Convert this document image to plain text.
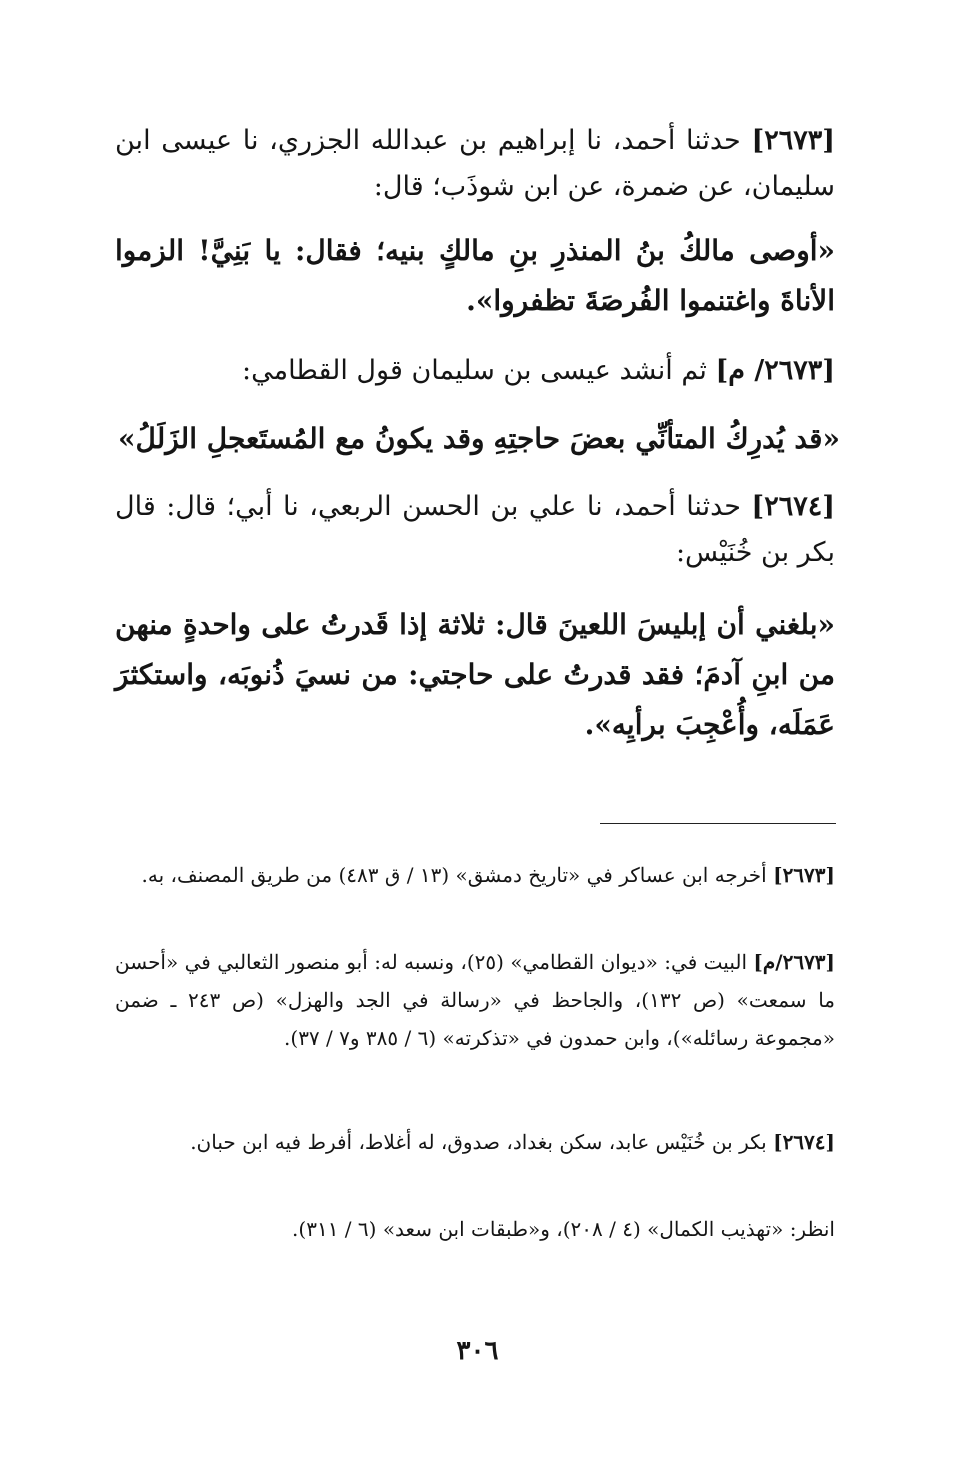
[٢٦٧٣] حدثنا أحمد، نا إبراهيم بن عبدالله الجزري، نا عيسى ابن سليمان، عن ضمرة، عن ابن شوذَب؛ قال:

«أوصى مالكُ بنُ المنذرِ بنِ مالكٍ بنيه؛ فقال: يا بَنِيَّ! الزموا الأناةَ واغتنموا الفُرصَةَ تظفروا».

[٢٦٧٣/ م] ثم أنشد عيسى بن سليمان قول القطامي:

«قد يُدرِكُ المتأنِّي بعضَ حاجتِهِ
وقد يكونُ مع المُستَعجلِ الزَلَلُ»

[٢٦٧٤] حدثنا أحمد، نا علي بن الحسن الربعي، نا أبي؛ قال: قال بكر بن خُنَيْس:

«بلغني أن إبليسَ اللعينَ قال: ثلاثة إذا قَدرتُ على واحدةٍ منهن من ابنِ آدمَ؛ فقد قدرتُ على حاجتي: من نسيَ ذُنوبَه، واستكثرَ عَمَلَه، وأُعْجِبَ برأيِه».

[٢٦٧٣] أخرجه ابن عساكر في «تاريخ دمشق» (١٣ / ق ٤٨٣) من طريق المصنف، به.

[٢٦٧٣/م] البيت في: «ديوان القطامي» (٢٥)، ونسبه له: أبو منصور الثعالبي في «أحسن ما سمعت» (ص ١٣٢)، والجاحظ في «رسالة في الجد والهزل» (ص ٢٤٣ ـ ضمن «مجموعة رسائله»)، وابن حمدون في «تذكرته» (٦ / ٣٨٥ و٧ / ٣٧).

[٢٦٧٤] بكر بن خُنَيْس عابد، سكن بغداد، صدوق، له أغلاط، أفرط فيه ابن حبان.

انظر: «تهذيب الكمال» (٤ / ٢٠٨)، و«طبقات ابن سعد» (٦ / ٣١١).

٣٠٦
